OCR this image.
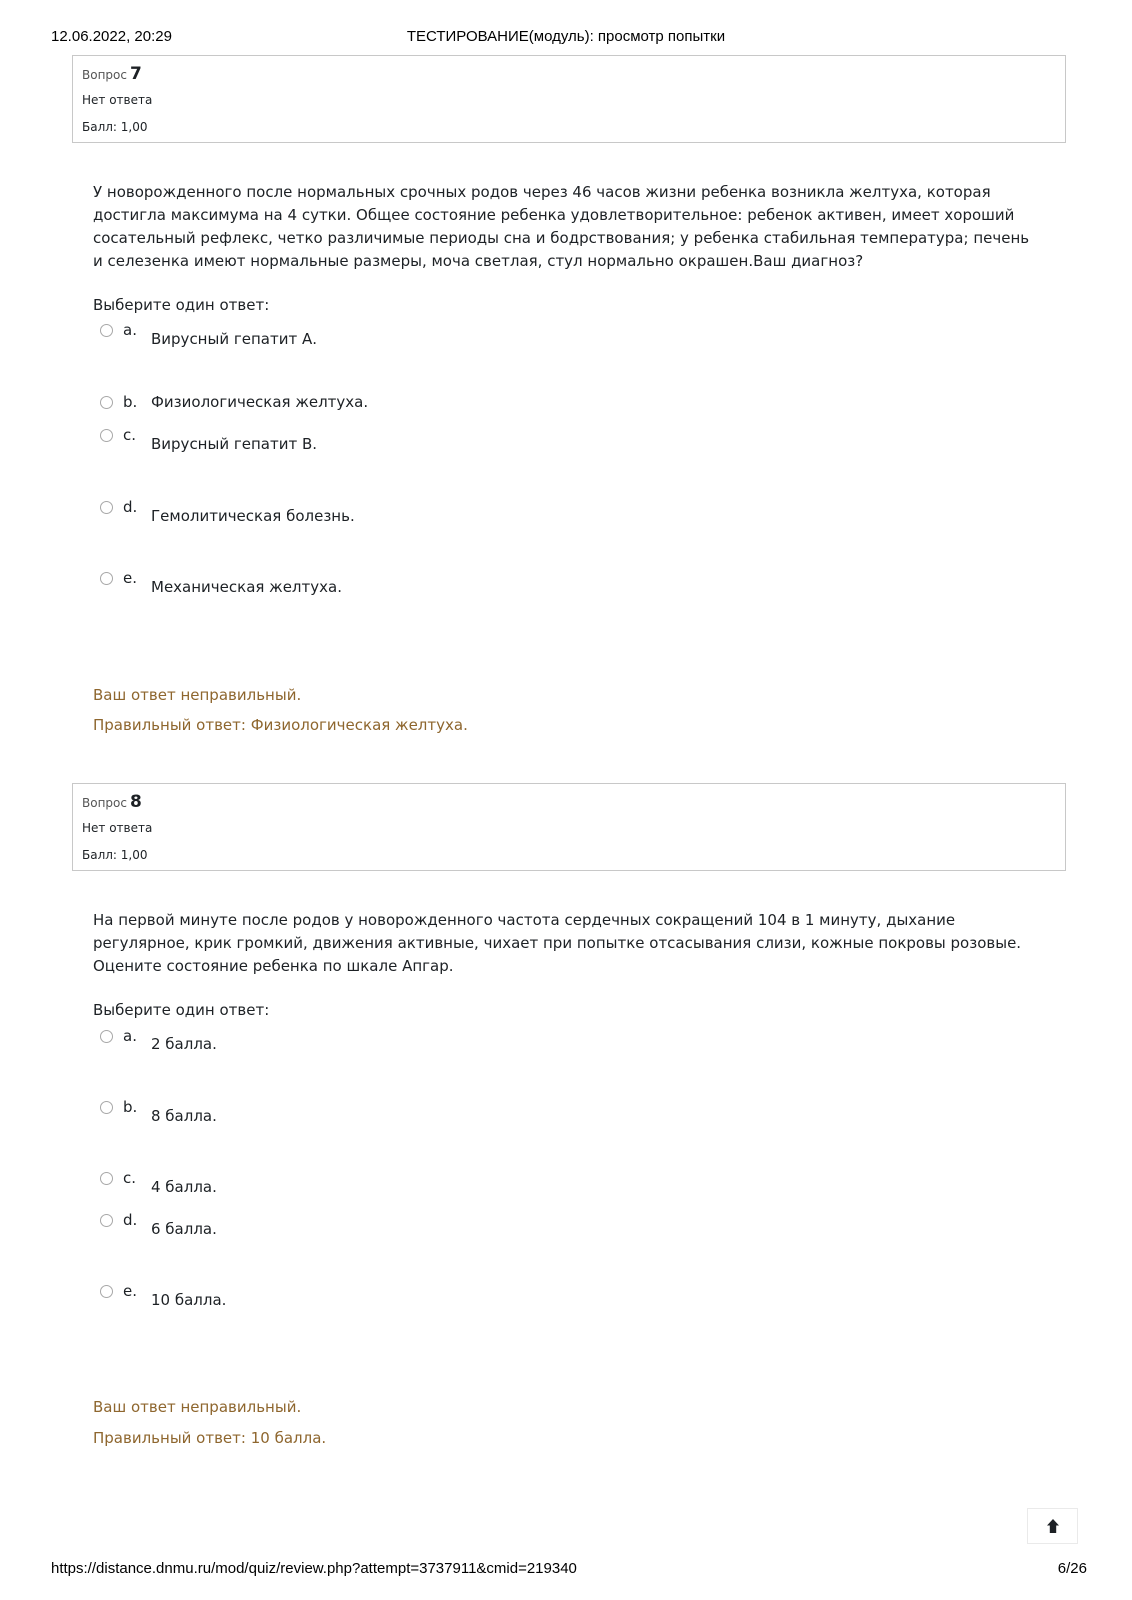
12.06.2022, 20:29	ТЕСТИРОВАНИЕ(модуль): просмотр попытки
Вопрос 7
Нет ответа
Балл: 1,00
У новорожденного после нормальных срочных родов через 46 часов жизни ребенка возникла желтуха, которая достигла максимума на 4 сутки. Общее состояние ребенка удовлетворительное: ребенок активен, имеет хороший сосательный рефлекс, четко различимые периоды сна и бодрствования; у ребенка стабильная температура; печень и селезенка имеют нормальные размеры, моча светлая, стул нормально окрашен.Ваш диагноз?
Выберите один ответ:
a. Вирусный гепатит А.
b. Физиологическая желтуха.
c. Вирусный гепатит В.
d. Гемолитическая болезнь.
e. Механическая желтуха.
Ваш ответ неправильный.
Правильный ответ: Физиологическая желтуха.
Вопрос 8
Нет ответа
Балл: 1,00
На первой минуте после родов у новорожденного частота сердечных сокращений 104 в 1 минуту, дыхание регулярное, крик громкий, движения активные, чихает при попытке отсасывания слизи, кожные покровы розовые. Оцените состояние ребенка по шкале Апгар.
Выберите один ответ:
a. 2 балла.
b. 8 балла.
c. 4 балла.
d. 6 балла.
e. 10 балла.
Ваш ответ неправильный.
Правильный ответ: 10 балла.
https://distance.dnmu.ru/mod/quiz/review.php?attempt=3737911&cmid=219340	6/26
